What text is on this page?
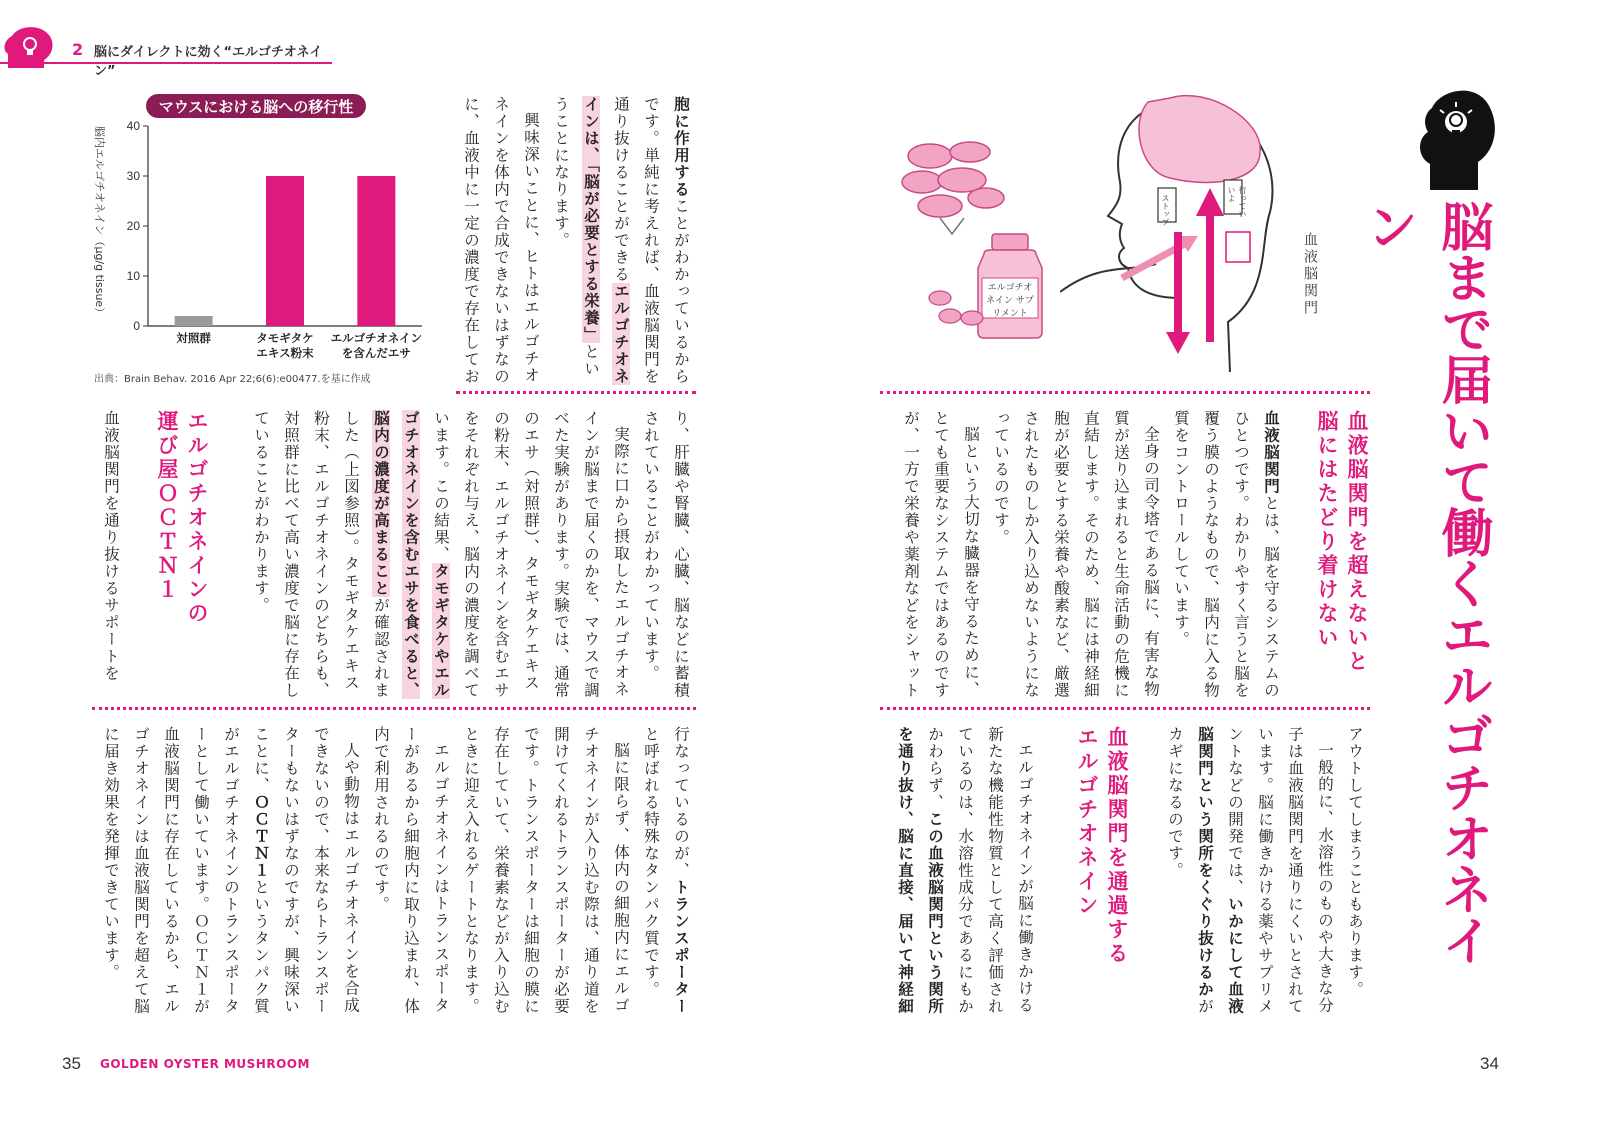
2 脳にダイレクトに効く“エルゴチオネイン”
マウスにおける脳への移行性
脳内エルゴチオネイン（μg/g tissue）
0
10
20
30
40
対照群	タモギタケ
エキス粉末
エルゴチオネイン
を含んだエサ
出典：Brain Behav. 2016 Apr 22;6(6):e00477.を基に作成

胞に作用することがわかっているからです。単純に考えれば、血液脳関門を通り抜けることができるエルゴチオネインは、「脳が必要とする栄養」ということになります。

興味深いことに、ヒトはエルゴチオネインを体内で合成できないはずなのに、血液中に一定の濃度で存在してお

り、肝臓や腎臓、心臓、脳などに蓄積されていることがわかっています。

実際に口から摂取したエルゴチオネインが脳まで届くのかを、マウスで調べた実験があります。実験では、通常のエサ（対照群）、タモギタケエキスの粉末、エルゴチオネインを含むエサをそれぞれ与え、脳内の濃度を調べています。この結果、タモギタケやエルゴチオネインを含むエサを食べると、脳内の濃度が高まることが確認されました（上図参照）。タモギタケエキス粉末、エルゴチオネインのどちらも、対照群に比べて高い濃度で脳に存在していることがわかります。

エルゴチオネインの
運び屋ＯＣＴＮ１
血液脳関門を通り抜けるサポートを

行なっているのが、トランスポーターと呼ばれる特殊なタンパク質です。

脳に限らず、体内の細胞内にエルゴチオネインが入り込む際は、通り道を開けてくれるトランスポーターが必要です。トランスポーターは細胞の膜に存在していて、栄養素などが入り込むときに迎え入れるゲートとなります。

エルゴチオネインはトランスポーターがあるから細胞内に取り込まれ、体内で利用されるのです。

人や動物はエルゴチオネインを合成できないので、本来ならトランスポーターもないはずなのですが、興味深いことに、ＯＣＴＮ１というタンパク質がエルゴチオネインのトランスポーターとして働いています。ＯＣＴＮ１が血液脳関門に存在しているから、エルゴチオネインは血液脳関門を超えて脳に届き効果を発揮できています。

エルゴチオネイン サプリメント	血液脳関門
ストップ	行っていいよ
脳まで届いて働くエルゴチオネイン
血液脳関門を超えないと
脳にはたどり着けない

血液脳関門とは、脳を守るシステムのひとつです。わかりやすく言うと脳を覆う膜のようなもので、脳内に入る物質をコントロールしています。

全身の司令塔である脳に、有害な物質が送り込まれると生命活動の危機に直結します。そのため、脳には神経細胞が必要とする栄養や酸素など、厳選されたものしか入り込めないようになっているのです。

脳という大切な臓器を守るために、とても重要なシステムではあるのですが、一方で栄養や薬剤などをシャット

アウトしてしまうこともあります。

一般的に、水溶性のものや大きな分子は血液脳関門を通りにくいとされています。脳に働きかける薬やサプリメントなどの開発では、いかにして血液脳関門という関所をくぐり抜けるかがカギになるのです。

血液脳関門を通過する
エルゴチオネイン

エルゴチオネインが脳に働きかける新たな機能性物質として高く評価されているのは、水溶性成分であるにもかかわらず、この血液脳関門という関所を通り抜け、脳に直接、届いて神経細

35 GOLDEN OYSTER MUSHROOM	34
